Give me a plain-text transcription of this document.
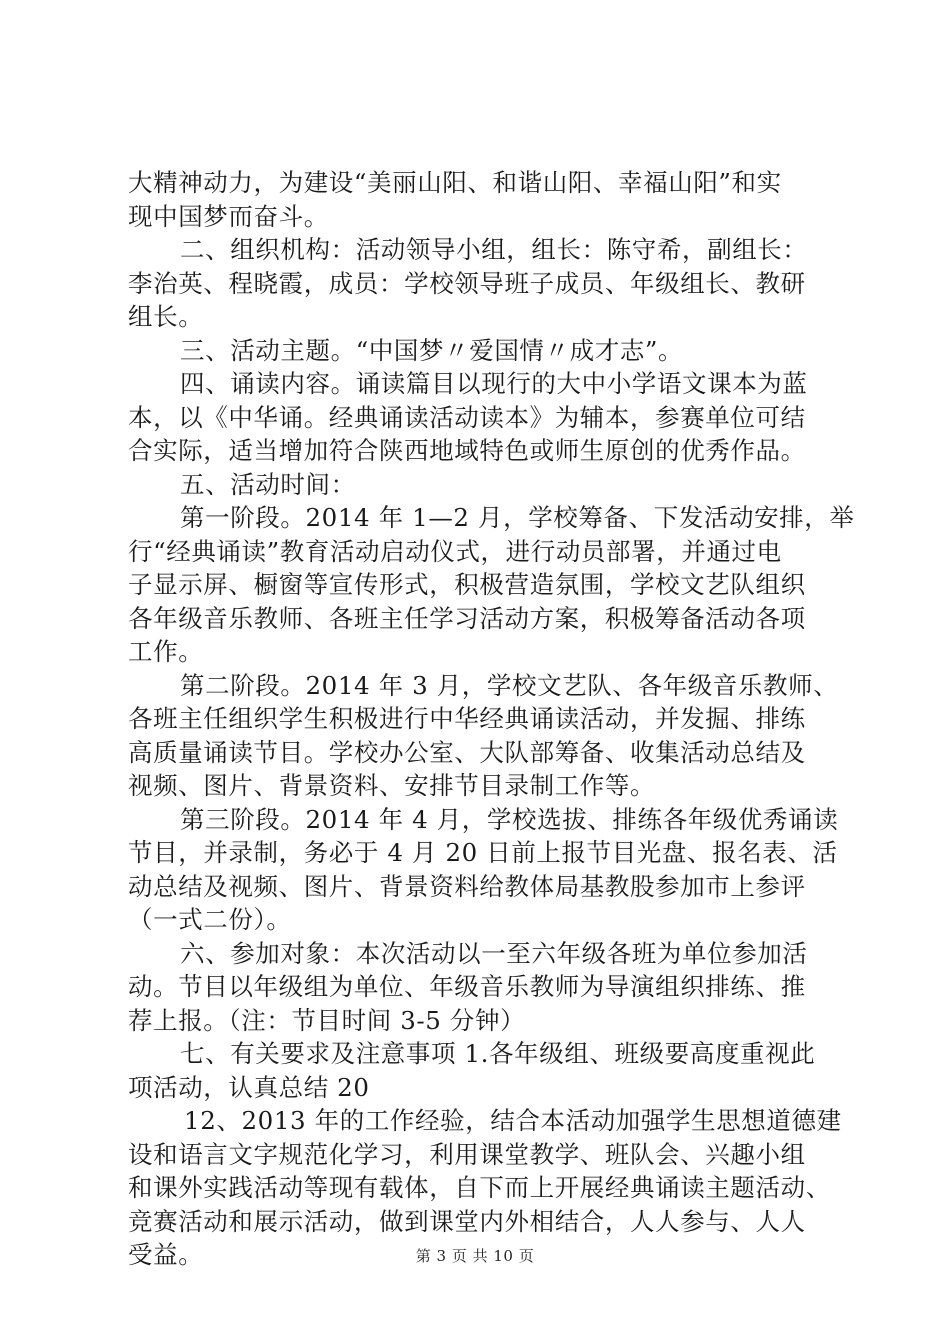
大精神动力，为建设“美丽山阳、和谐山阳、幸福山阳”和实
现中国梦而奋斗。
二、组织机构：活动领导小组，组长：陈守希，副组长：
李治英、程晓霞，成员：学校领导班子成员、年级组长、教研
组长。
三、活动主题。“中国梦〃爱国情〃成才志”。
四、诵读内容。诵读篇目以现行的大中小学语文课本为蓝
本，以《中华诵。经典诵读活动读本》为辅本，参赛单位可结
合实际，适当增加符合陕西地域特色或师生原创的优秀作品。
五、活动时间：
第一阶段。2014 年 1—2 月，学校筹备、下发活动安排，举
行“经典诵读”教育活动启动仪式，进行动员部署，并通过电
子显示屏、橱窗等宣传形式，积极营造氛围，学校文艺队组织
各年级音乐教师、各班主任学习活动方案，积极筹备活动各项
工作。
第二阶段。2014 年 3 月，学校文艺队、各年级音乐教师、
各班主任组织学生积极进行中华经典诵读活动，并发掘、排练
高质量诵读节目。学校办公室、大队部筹备、收集活动总结及
视频、图片、背景资料、安排节目录制工作等。
第三阶段。2014 年 4 月，学校选拔、排练各年级优秀诵读
节目，并录制，务必于 4 月 20 日前上报节目光盘、报名表、活
动总结及视频、图片、背景资料给教体局基教股参加市上参评
（一式二份）。
六、参加对象：本次活动以一至六年级各班为单位参加活
动。节目以年级组为单位、年级音乐教师为导演组织排练、推
荐上报。（注：节目时间 3-5 分钟）
七、有关要求及注意事项 1.各年级组、班级要高度重视此
项活动，认真总结 20
12、2013 年的工作经验，结合本活动加强学生思想道德建
设和语言文字规范化学习，利用课堂教学、班队会、兴趣小组
和课外实践活动等现有载体，自下而上开展经典诵读主题活动、
竞赛活动和展示活动，做到课堂内外相结合，人人参与、人人
受益。	第 3 页 共 10 页
